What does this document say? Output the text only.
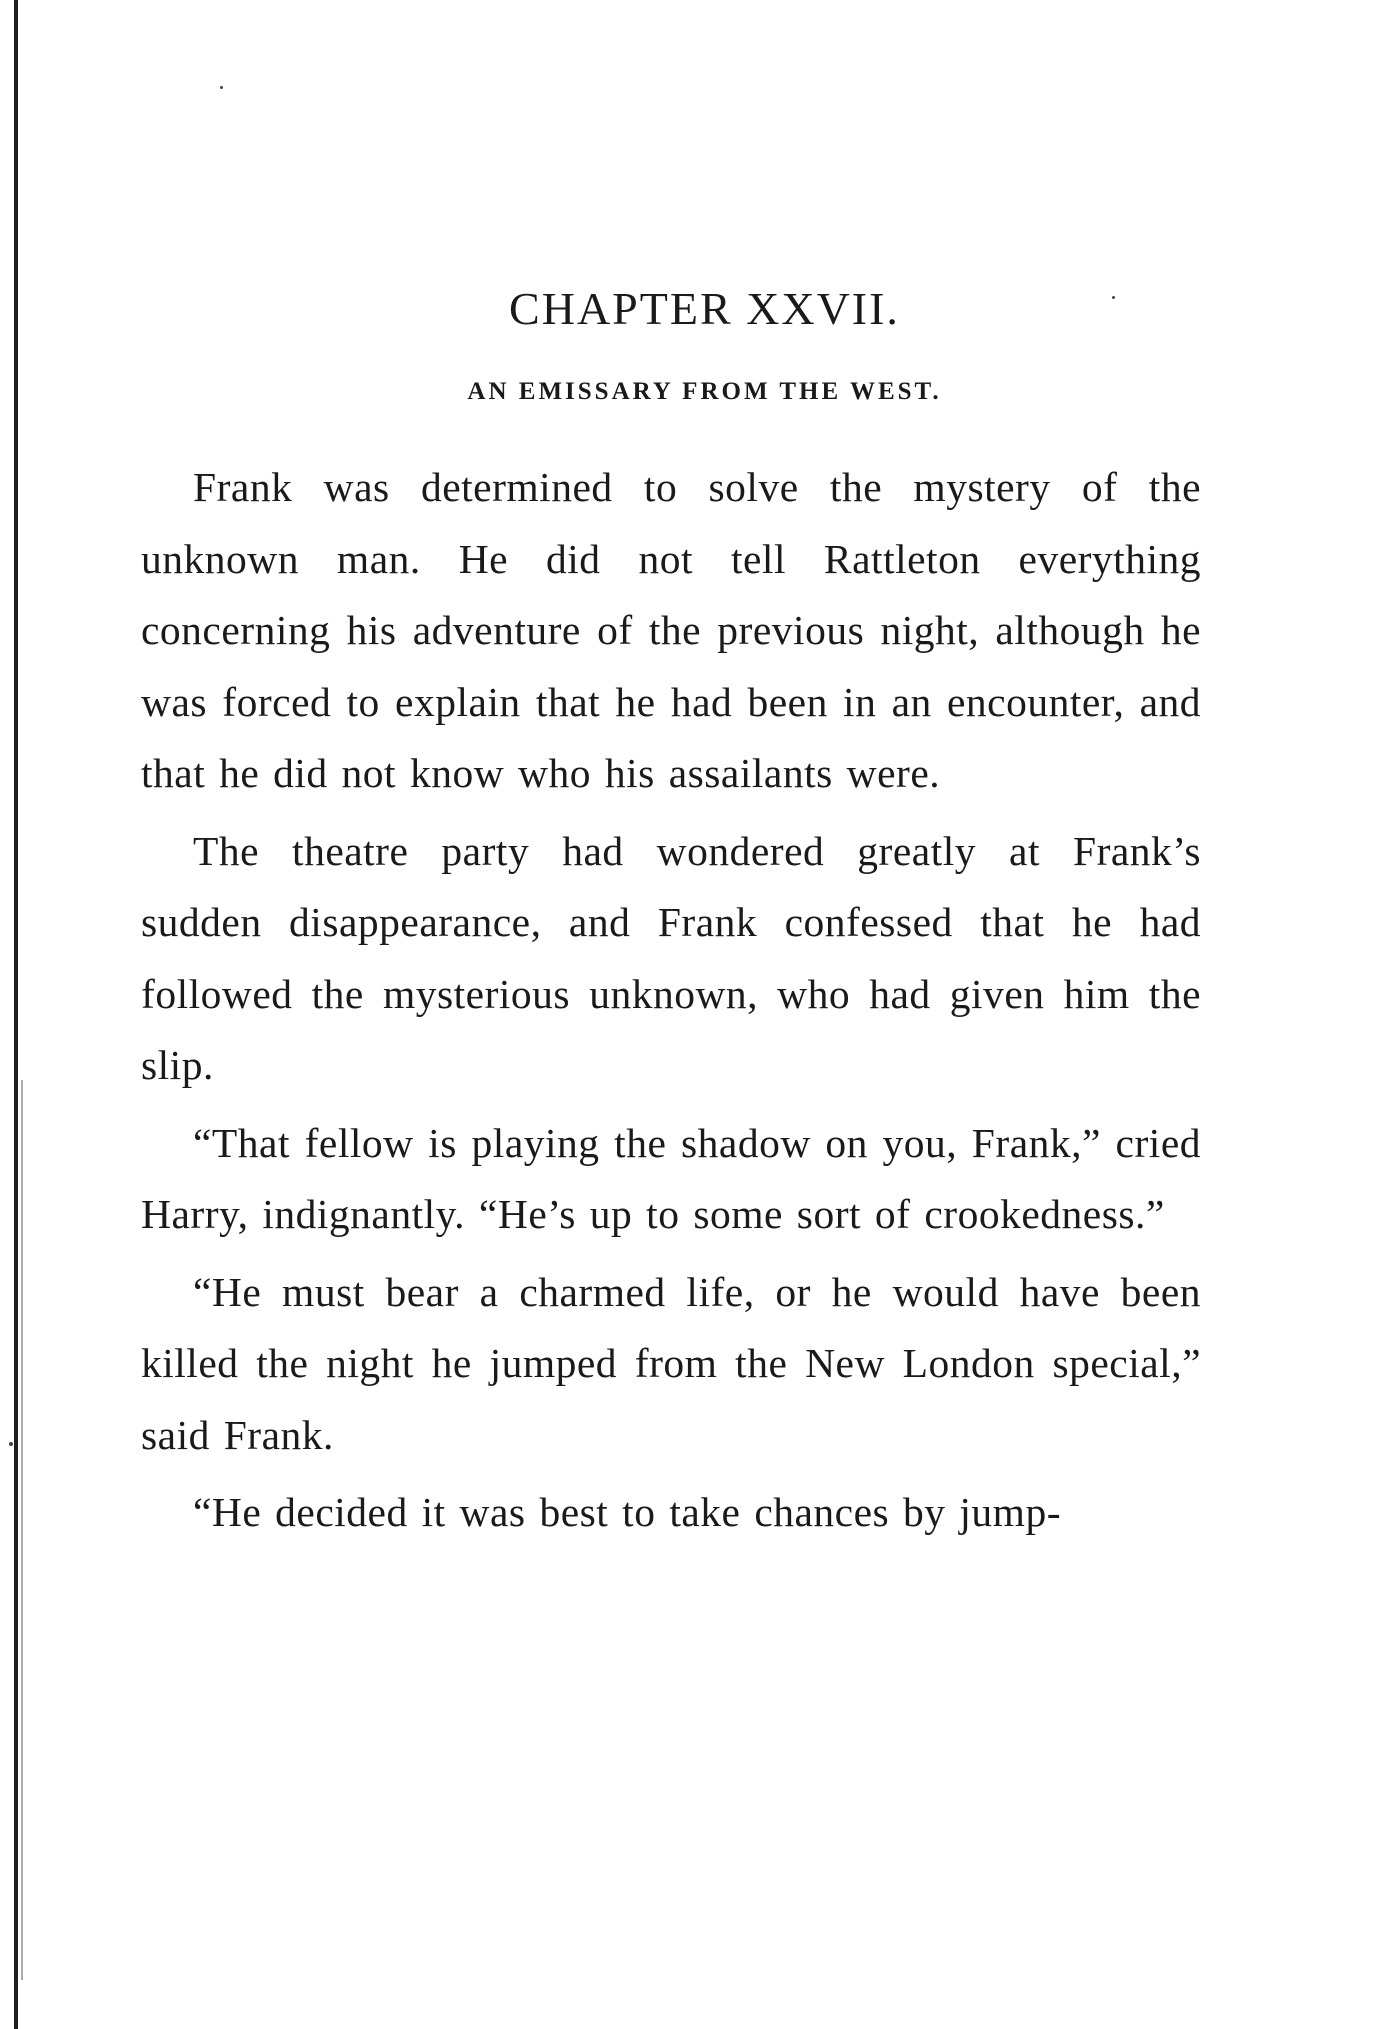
CHAPTER XXVII.
AN EMISSARY FROM THE WEST.

Frank was determined to solve the mystery of the unknown man. He did not tell Rattleton everything concerning his adventure of the previous night, although he was forced to explain that he had been in an encounter, and that he did not know who his assailants were.

The theatre party had wondered greatly at Frank’s sudden disappearance, and Frank confessed that he had followed the mysterious unknown, who had given him the slip.

“That fellow is playing the shadow on you, Frank,” cried Harry, indignantly. “He’s up to some sort of crookedness.”

“He must bear a charmed life, or he would have been killed the night he jumped from the New London special,” said Frank.

“He decided it was best to take chances by jump-
